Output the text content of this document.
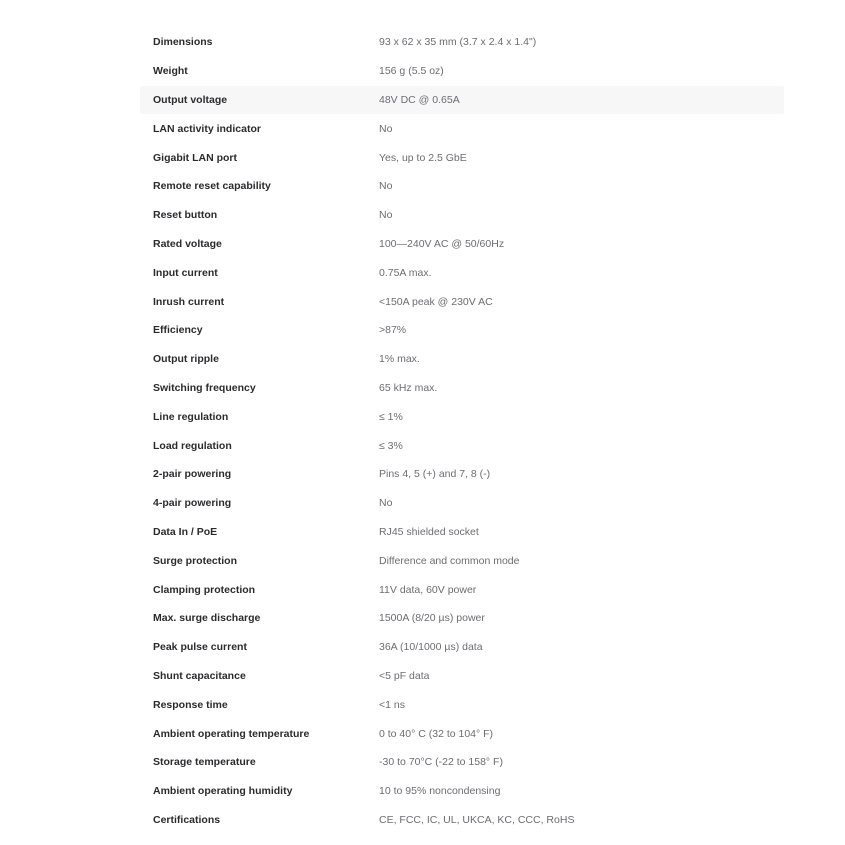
Dimensions	93 x 62 x 35 mm (3.7 x 2.4 x 1.4")
Weight	156 g (5.5 oz)
Output voltage	48V DC @ 0.65A
LAN activity indicator	No
Gigabit LAN port	Yes, up to 2.5 GbE
Remote reset capability	No
Reset button	No
Rated voltage	100—240V AC @ 50/60Hz
Input current	0.75A max.
Inrush current	<150A peak @ 230V AC
Efficiency	>87%
Output ripple	1% max.
Switching frequency	65 kHz max.
Line regulation	≤ 1%
Load regulation	≤ 3%
2-pair powering	Pins 4, 5 (+) and 7, 8 (-)
4-pair powering	No
Data In / PoE	RJ45 shielded socket
Surge protection	Difference and common mode
Clamping protection	11V data, 60V power
Max. surge discharge	1500A (8/20 µs) power
Peak pulse current	36A (10/1000 µs) data
Shunt capacitance	<5 pF data
Response time	<1 ns
Ambient operating temperature	0 to 40° C (32 to 104° F)
Storage temperature	-30 to 70°C (-22 to 158° F)
Ambient operating humidity	10 to 95% noncondensing
Certifications	CE, FCC, IC, UL, UKCA, KC, CCC, RoHS
